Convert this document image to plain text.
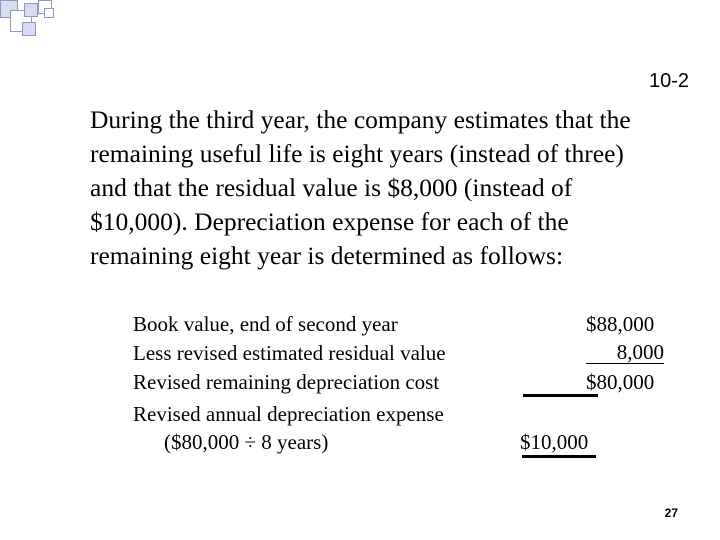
10-2

During the third year, the company estimates that the remaining useful life is eight years (instead of three) and that the residual value is $8,000 (instead of $10,000). Depreciation expense for each of the remaining eight year is determined as follows:

Book value, end of second year	$88,000
Less revised estimated residual value	8,000
Revised remaining depreciation cost	$80,000
Revised annual depreciation expense
($80,000 ÷ 8 years)	$10,000
27
